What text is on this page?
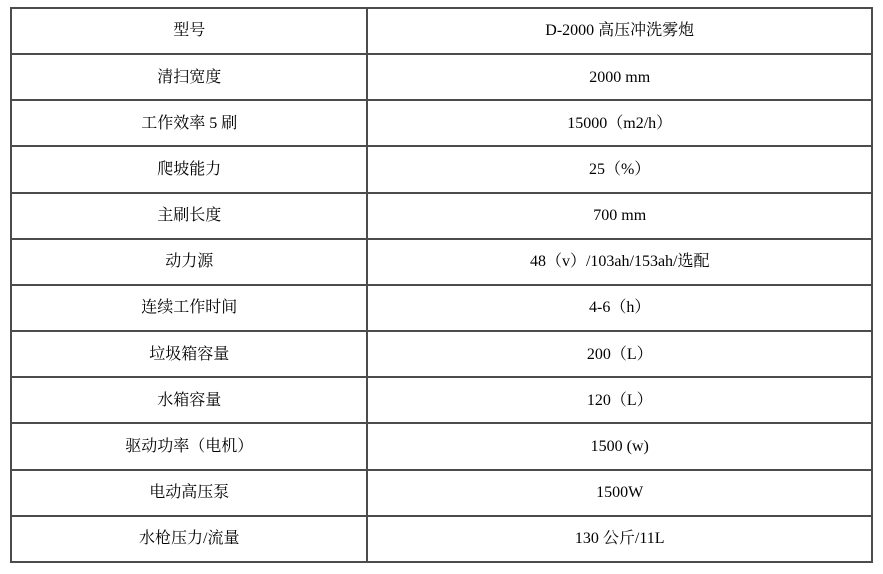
型号	D-2000 高压冲洗雾炮
清扫宽度	2000 mm
工作效率 5 刷	15000（m2/h）
爬坡能力	25（%）
主刷长度	700 mm
动力源	48（v）/103ah/153ah/选配
连续工作时间	4-6（h）
垃圾箱容量	200（L）
水箱容量	120（L）
驱动功率（电机）	1500 (w)
电动高压泵	1500W
水枪压力/流量	130 公斤/11L
